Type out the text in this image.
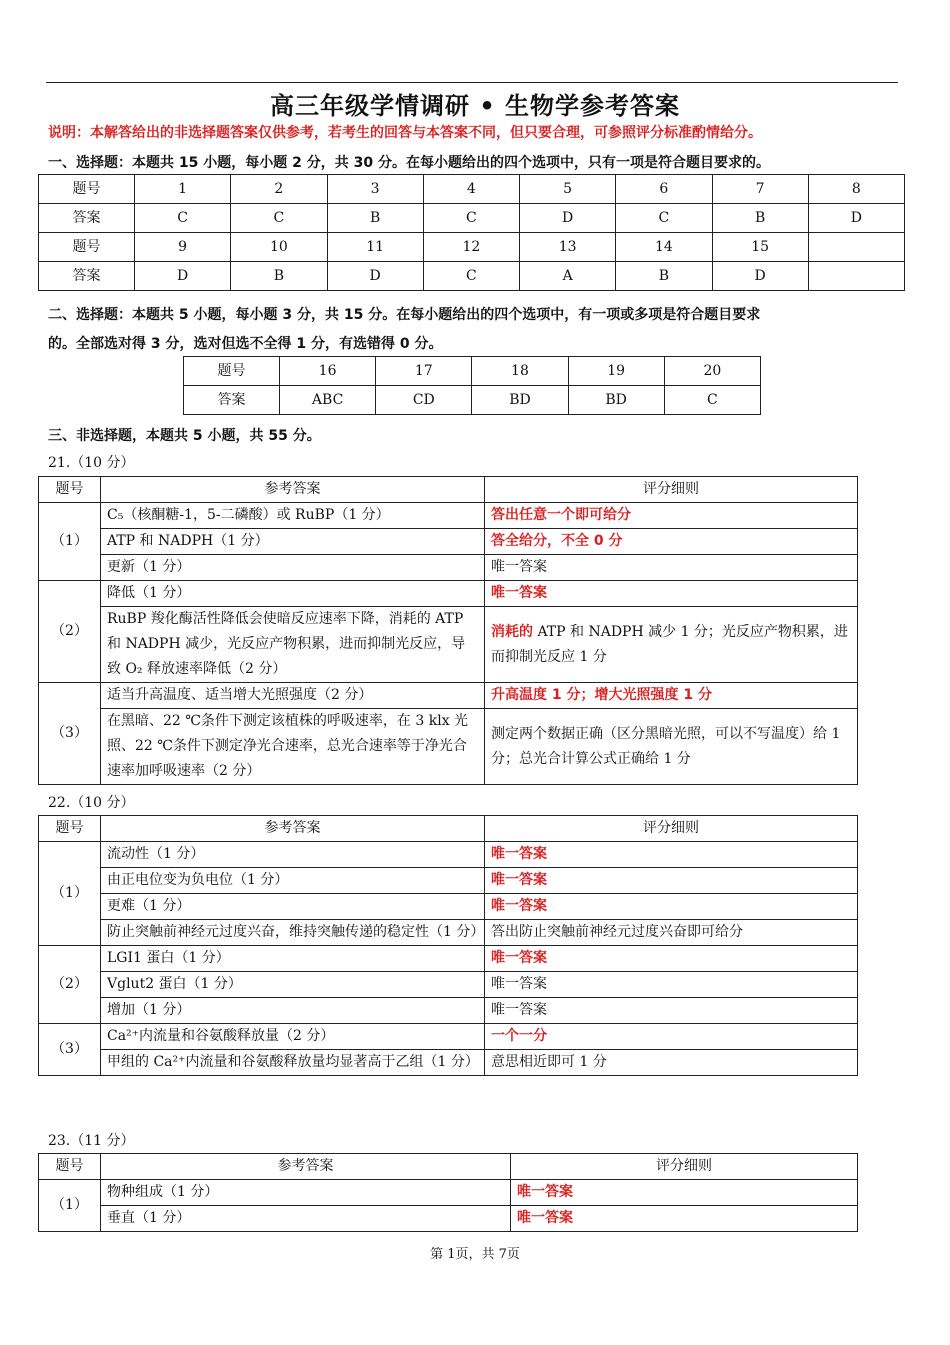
高三年级学情调研 • 生物学参考答案
说明：本解答给出的非选择题答案仅供参考，若考生的回答与本答案不同，但只要合理，可参照评分标准酌情给分。
一、选择题：本题共 15 小题，每小题 2 分，共 30 分。在每小题给出的四个选项中，只有一项是符合题目要求的。
题号	1	2	3	4	5	6	7	8
答案	C	C	B	C	D	C	B	D
题号	9	10	11	12	13	14	15	
答案	D	B	D	C	A	B	D	
二、选择题：本题共 5 小题，每小题 3 分，共 15 分。在每小题给出的四个选项中，有一项或多项是符合题目要求
的。全部选对得 3 分，选对但选不全得 1 分，有选错得 0 分。
题号	16	17	18	19	20
答案	ABC	CD	BD	BD	C
三、非选择题，本题共 5 小题，共 55 分。
21.（10 分）
题号	参考答案	评分细则
（1）	C₅（核酮糖-1，5-二磷酸）或 RuBP（1 分）	答出任意一个即可给分
	ATP 和 NADPH（1 分）	答全给分，不全 0 分
	更新（1 分）	唯一答案
（2）	降低（1 分）	唯一答案
	RuBP 羧化酶活性降低会使暗反应速率下降，消耗的 ATP 和 NADPH 减少，光反应产物积累，进而抑制光反应，导致 O₂ 释放速率降低（2 分）	消耗的 ATP 和 NADPH 减少 1 分；光反应产物积累，进而抑制光反应 1 分
（3）	适当升高温度、适当增大光照强度（2 分）	升高温度 1 分；增大光照强度 1 分
	在黑暗、22 ℃条件下测定该植株的呼吸速率，在 3 klx 光照、22 ℃条件下测定净光合速率，总光合速率等于净光合速率加呼吸速率（2 分）	测定两个数据正确（区分黑暗光照，可以不写温度）给 1 分；总光合计算公式正确给 1 分
22.（10 分）
题号	参考答案	评分细则
（1）	流动性（1 分）	唯一答案
	由正电位变为负电位（1 分）	唯一答案
	更难（1 分）	唯一答案
	防止突触前神经元过度兴奋，维持突触传递的稳定性（1 分）	答出防止突触前神经元过度兴奋即可给分
（2）	LGI1 蛋白（1 分）	唯一答案
	Vglut2 蛋白（1 分）	唯一答案
	增加（1 分）	唯一答案
（3）	Ca²⁺内流量和谷氨酸释放量（2 分）	一个一分
	甲组的 Ca²⁺内流量和谷氨酸释放量均显著高于乙组（1 分）	意思相近即可 1 分
23.（11 分）
题号	参考答案	评分细则
（1）	物种组成（1 分）	唯一答案
	垂直（1 分）	唯一答案
第 1页，共 7页
